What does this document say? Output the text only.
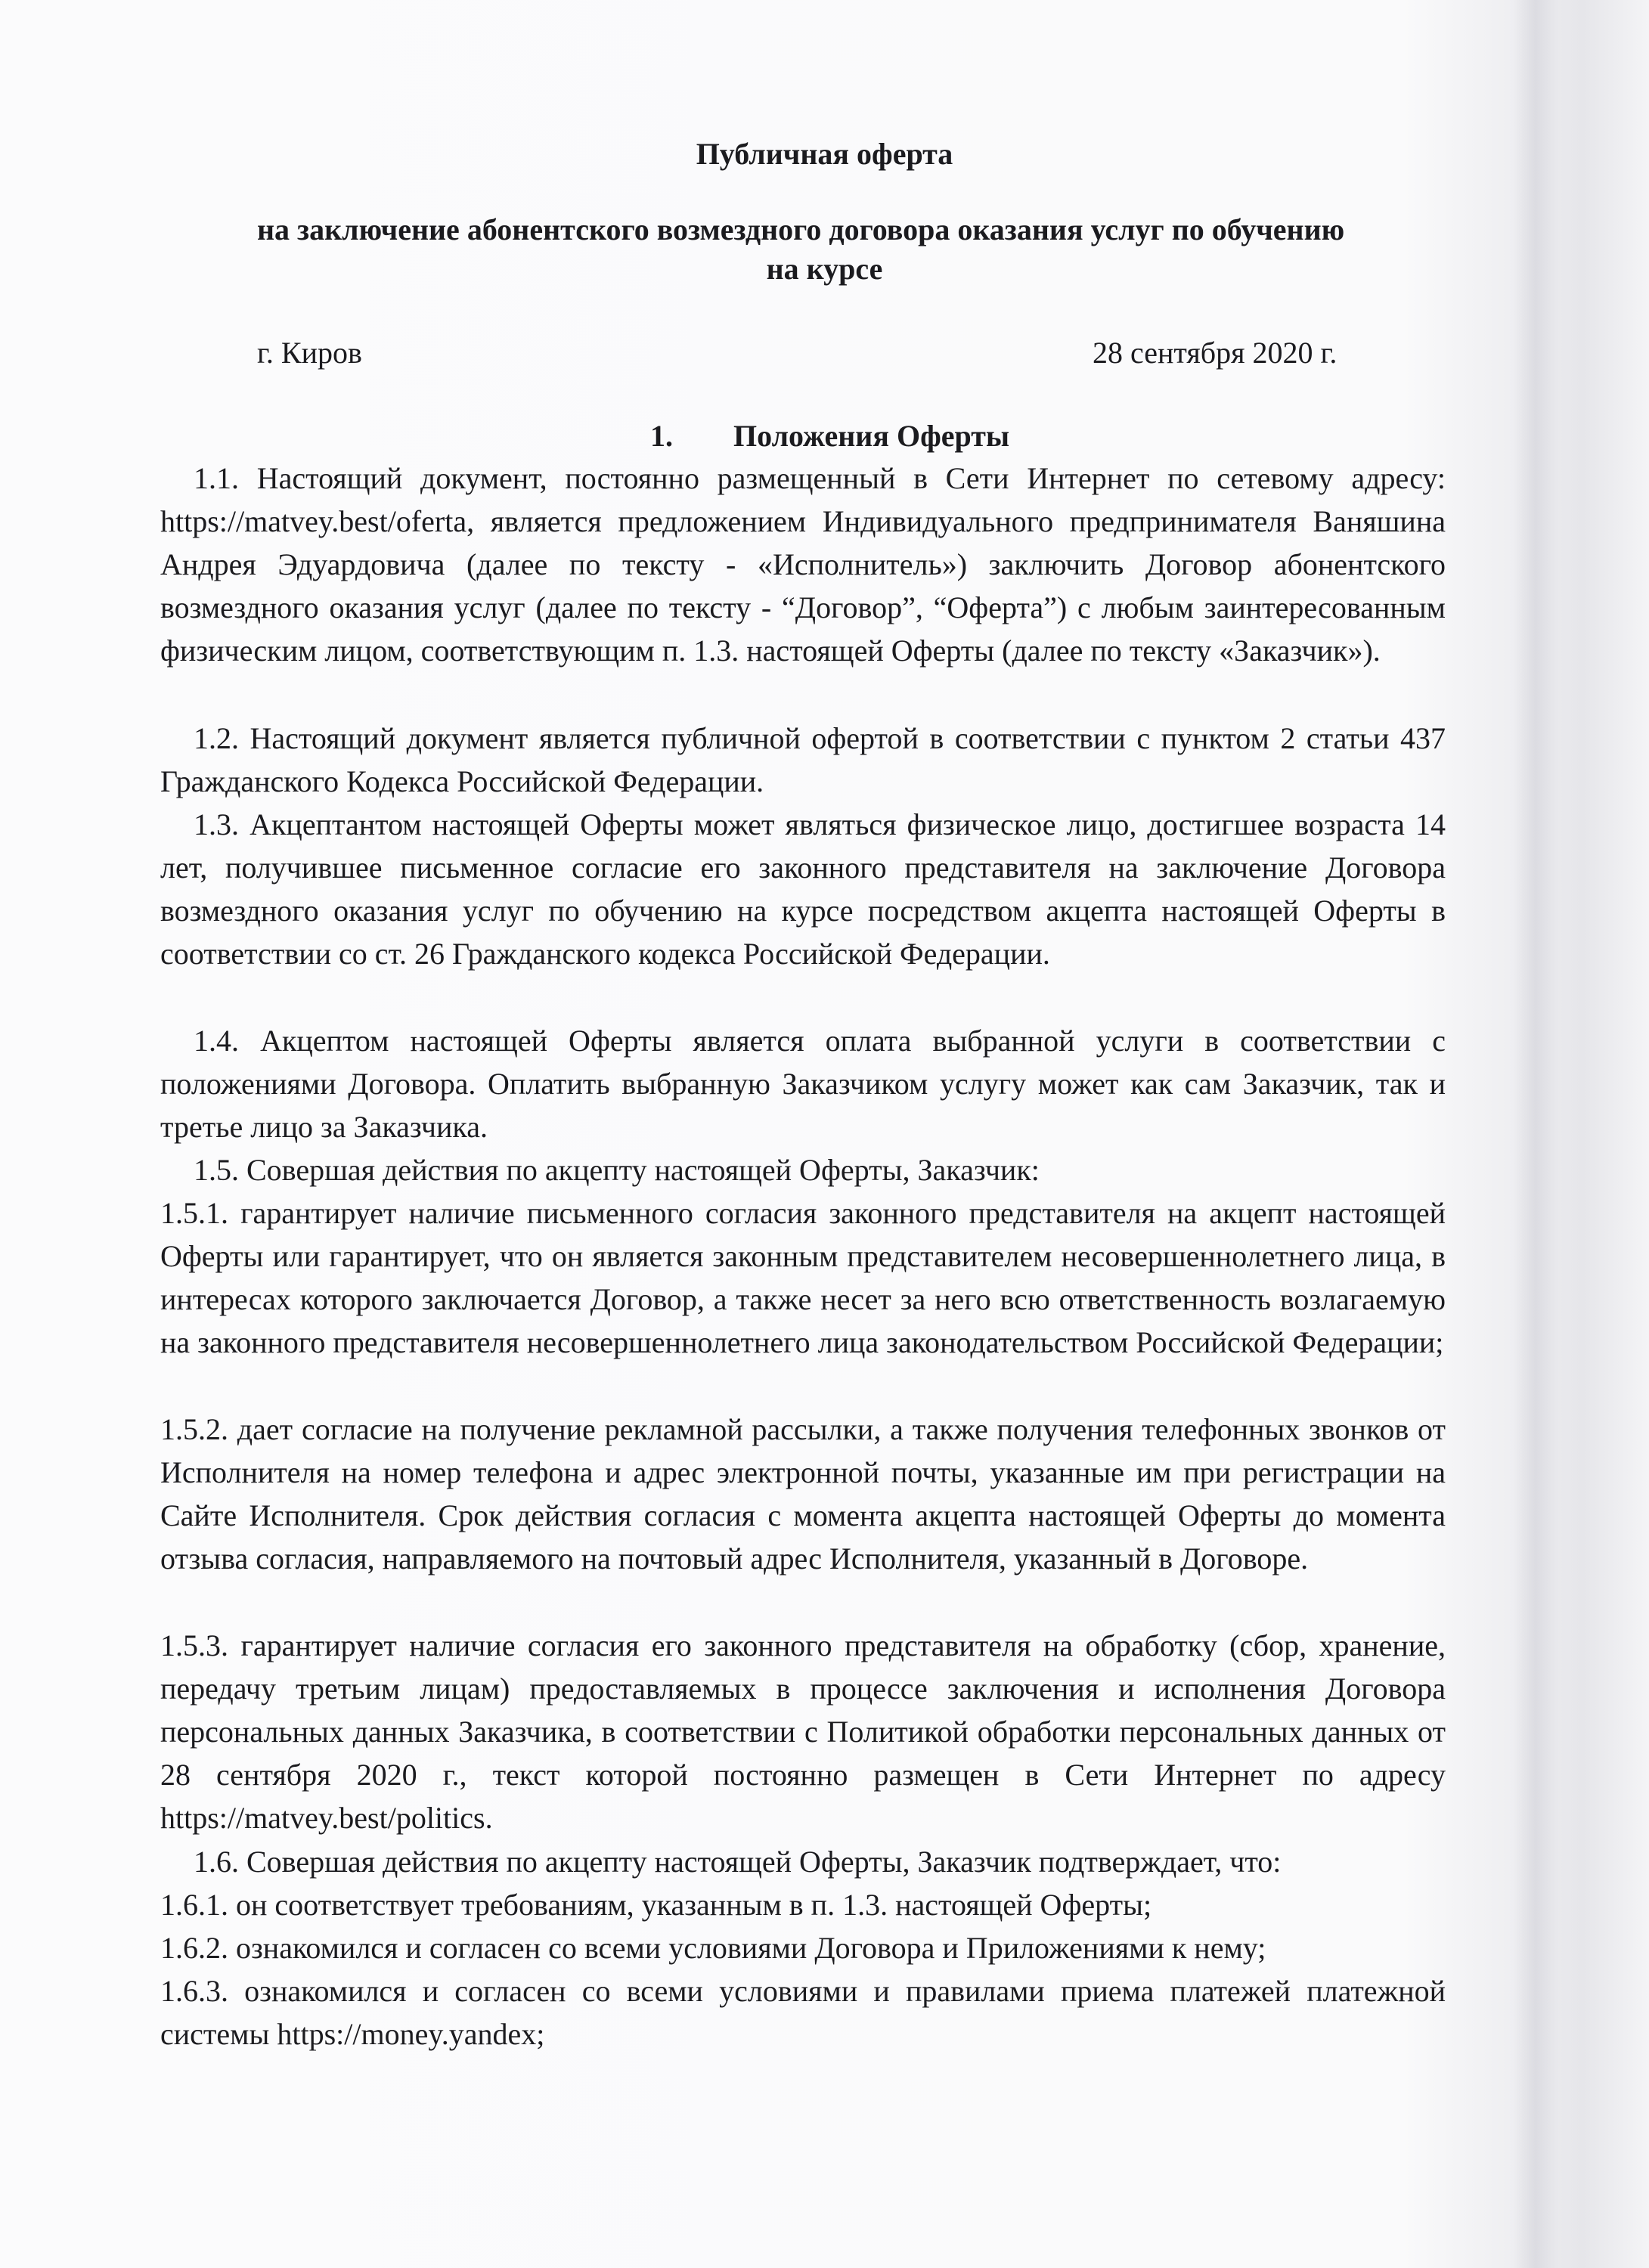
Публичная оферта
на заключение абонентского возмездного договора оказания услуг по обучению
на курсе
г. Киров	28 сентября 2020 г.
1. Положения Оферты
1.1. Настоящий документ, постоянно размещенный в Сети Интернет по сетевому адресу: https://matvey.best/oferta, является предложением Индивидуального предпринимателя Ваняшина Андрея Эдуардовича (далее по тексту - «Исполнитель») заключить Договор абонентского возмездного оказания услуг (далее по тексту - “Договор”, “Оферта”) с любым заинтересованным физическим лицом, соответствующим п. 1.3. настоящей Оферты (далее по тексту «Заказчик»).
1.2. Настоящий документ является публичной офертой в соответствии с пунктом 2 статьи 437 Гражданского Кодекса Российской Федерации.
1.3. Акцептантом настоящей Оферты может являться физическое лицо, достигшее возраста 14 лет, получившее письменное согласие его законного представителя на заключение Договора возмездного оказания услуг по обучению на курсе посредством акцепта настоящей Оферты в соответствии со ст. 26 Гражданского кодекса Российской Федерации.
1.4. Акцептом настоящей Оферты является оплата выбранной услуги в соответствии с положениями Договора. Оплатить выбранную Заказчиком услугу может как сам Заказчик, так и третье лицо за Заказчика.
1.5. Совершая действия по акцепту настоящей Оферты, Заказчик:
1.5.1. гарантирует наличие письменного согласия законного представителя на акцепт настоящей Оферты или гарантирует, что он является законным представителем несовершеннолетнего лица, в интересах которого заключается Договор, а также несет за него всю ответственность возлагаемую на законного представителя несовершеннолетнего лица законодательством Российской Федерации;
1.5.2. дает согласие на получение рекламной рассылки, а также получения телефонных звонков от Исполнителя на номер телефона и адрес электронной почты, указанные им при регистрации на Сайте Исполнителя. Срок действия согласия с момента акцепта настоящей Оферты до момента отзыва согласия, направляемого на почтовый адрес Исполнителя, указанный в Договоре.
1.5.3. гарантирует наличие согласия его законного представителя на обработку (сбор, хранение, передачу третьим лицам) предоставляемых в процессе заключения и исполнения Договора персональных данных Заказчика, в соответствии с Политикой обработки персональных данных от 28 сентября 2020 г., текст которой постоянно размещен в Сети Интернет по адресу https://matvey.best/politics.
1.6. Совершая действия по акцепту настоящей Оферты, Заказчик подтверждает, что:
1.6.1. он соответствует требованиям, указанным в п. 1.3. настоящей Оферты;
1.6.2. ознакомился и согласен со всеми условиями Договора и Приложениями к нему;
1.6.3. ознакомился и согласен со всеми условиями и правилами приема платежей платежной системы https://money.yandex;
